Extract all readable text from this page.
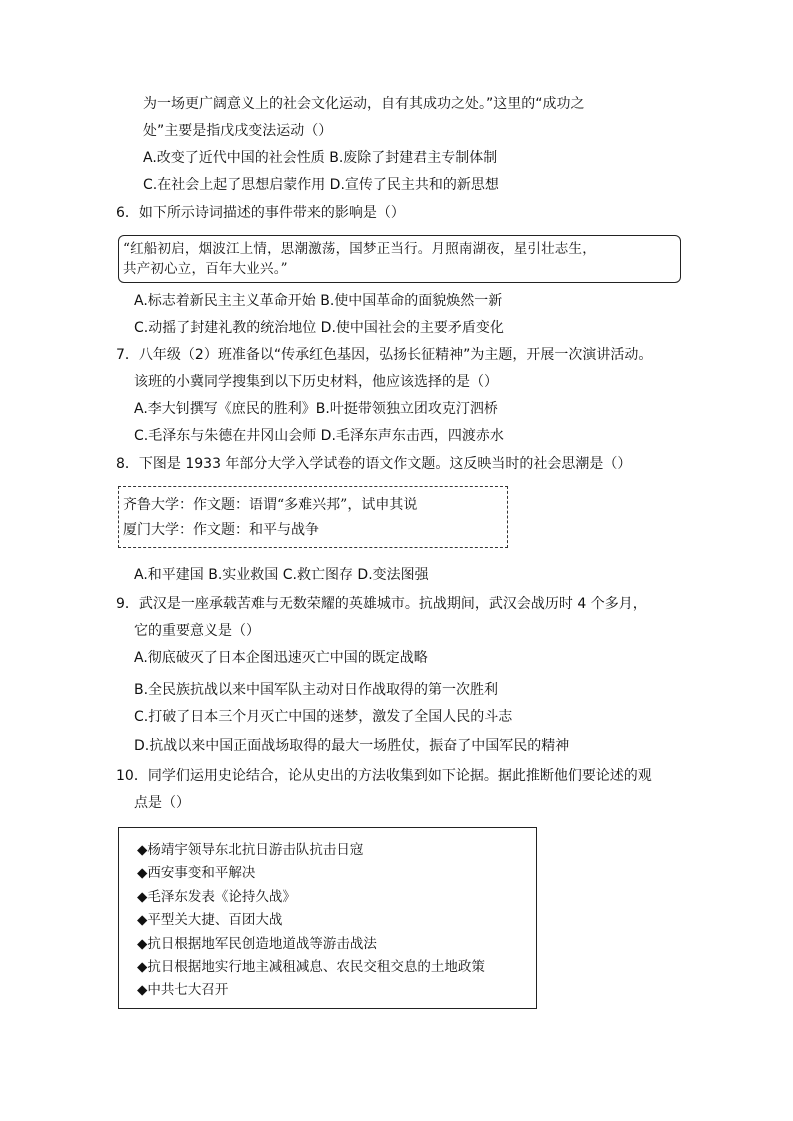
为一场更广阔意义上的社会文化运动，自有其成功之处。”这里的“成功之
处”主要是指戊戌变法运动（）
A.改变了近代中国的社会性质 B.废除了封建君主专制体制
C.在社会上起了思想启蒙作用 D.宣传了民主共和的新思想
6．如下所示诗词描述的事件带来的影响是（）
“红船初启，烟波江上情，思潮激荡，国梦正当行。月照南湖夜，星引壮志生，
共产初心立，百年大业兴。”
A.标志着新民主主义革命开始 B.使中国革命的面貌焕然一新
C.动摇了封建礼教的统治地位 D.使中国社会的主要矛盾变化
7．八年级（2）班准备以“传承红色基因，弘扬长征精神”为主题，开展一次演讲活动。
该班的小冀同学搜集到以下历史材料，他应该选择的是（）
A.李大钊撰写《庶民的胜利》B.叶挺带领独立团攻克汀泗桥
C.毛泽东与朱德在井冈山会师 D.毛泽东声东击西，四渡赤水
8．下图是 1933 年部分大学入学试卷的语文作文题。这反映当时的社会思潮是（）
齐鲁大学：作文题：语谓“多难兴邦”，试申其说
厦门大学：作文题：和平与战争
A.和平建国 B.实业救国 C.救亡图存 D.变法图强
9．武汉是一座承载苦难与无数荣耀的英雄城市。抗战期间，武汉会战历时 4 个多月，
它的重要意义是（）
A.彻底破灭了日本企图迅速灭亡中国的既定战略
B.全民族抗战以来中国军队主动对日作战取得的第一次胜利
C.打破了日本三个月灭亡中国的迷梦，激发了全国人民的斗志
D.抗战以来中国正面战场取得的最大一场胜仗，振奋了中国军民的精神
10．同学们运用史论结合，论从史出的方法收集到如下论据。据此推断他们要论述的观
点是（）
◆杨靖宇领导东北抗日游击队抗击日寇
◆西安事变和平解决
◆毛泽东发表《论持久战》
◆平型关大捷、百团大战
◆抗日根据地军民创造地道战等游击战法
◆抗日根据地实行地主减租减息、农民交租交息的土地政策
◆中共七大召开
